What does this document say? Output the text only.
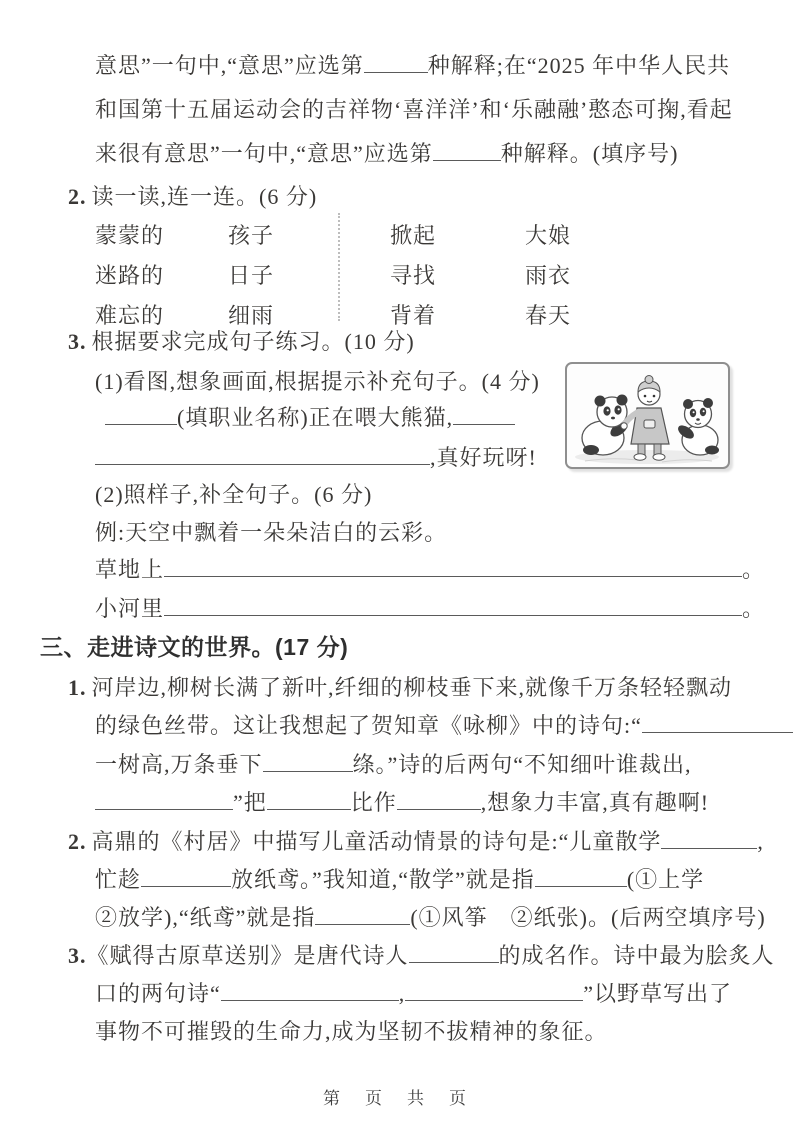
意思”一句中,“意思”应选第	种解释;在“2025 年中华人民共
和国第十五届运动会的吉祥物‘喜洋洋’和‘乐融融’憨态可掬,看起
来很有意思”一句中,“意思”应选第	种解释。(填序号)
2. 读一读,连一连。(6 分)
蒙蒙的	孩子	掀起	大娘
迷路的	日子	寻找	雨衣
难忘的	细雨	背着	春天
3. 根据要求完成句子练习。(10 分)
(1)看图,想象画面,根据提示补充句子。(4 分)
(填职业名称)正在喂大熊猫,
,真好玩呀!
(2)照样子,补全句子。(6 分)
例:天空中飘着一朵朵洁白的云彩。
草地上	。
小河里	。
三、走进诗文的世界。(17 分)
1. 河岸边,柳树长满了新叶,纤细的柳枝垂下来,就像千万条轻轻飘动
的绿色丝带。这让我想起了贺知章《咏柳》中的诗句:“
一树高,万条垂下	绦。”诗的后两句“不知细叶谁裁出,
”把	比作	,想象力丰富,真有趣啊!
2. 高鼎的《村居》中描写儿童活动情景的诗句是:“儿童散学	,
忙趁	放纸鸢。”我知道,“散学”就是指	(①上学
②放学),“纸鸢”就是指	(①风筝　②纸张)。(后两空填序号)
3.《赋得古原草送别》是唐代诗人	的成名作。诗中最为脍炙人
口的两句诗“	,	”以野草写出了
事物不可摧毁的生命力,成为坚韧不拔精神的象征。
第　页　共　页
